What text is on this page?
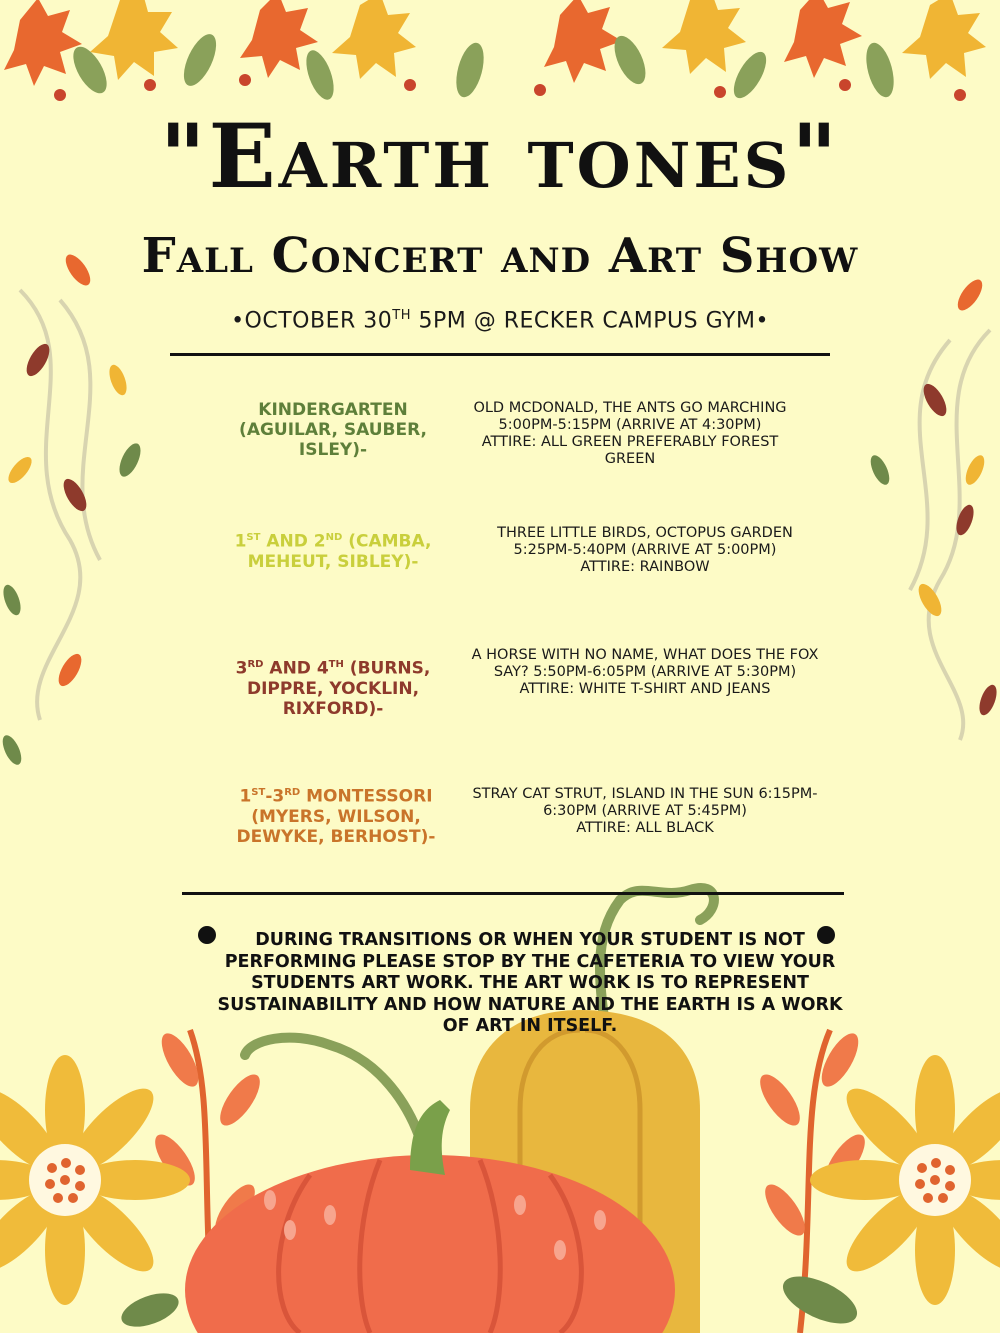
"Earth tones"
Fall Concert and Art Show
•OCTOBER 30TH 5PM @ RECKER CAMPUS GYM•
KINDERGARTEN (AGUILAR, SAUBER, ISLEY)-
OLD MCDONALD, THE ANTS GO MARCHING 5:00PM-5:15PM (ARRIVE AT 4:30PM)
ATTIRE: ALL GREEN PREFERABLY FOREST GREEN
1ST AND 2ND (CAMBA, MEHEUT, SIBLEY)-
THREE LITTLE BIRDS, OCTOPUS GARDEN 5:25PM-5:40PM (ARRIVE AT 5:00PM)
ATTIRE: RAINBOW
3RD AND 4TH (BURNS, DIPPRE, YOCKLIN, RIXFORD)-
A HORSE WITH NO NAME, WHAT DOES THE FOX SAY? 5:50PM-6:05PM (ARRIVE AT 5:30PM)
ATTIRE: WHITE T-SHIRT AND JEANS
1ST-3RD MONTESSORI (MYERS, WILSON, DEWYKE, BERHOST)-
STRAY CAT STRUT, ISLAND IN THE SUN 6:15PM-6:30PM (ARRIVE AT 5:45PM)
ATTIRE: ALL BLACK
DURING TRANSITIONS OR WHEN YOUR STUDENT IS NOT PERFORMING PLEASE STOP BY THE CAFETERIA TO VIEW YOUR STUDENTS ART WORK. THE ART WORK IS TO REPRESENT SUSTAINABILITY AND HOW NATURE AND THE EARTH IS A WORK OF ART IN ITSELF.
